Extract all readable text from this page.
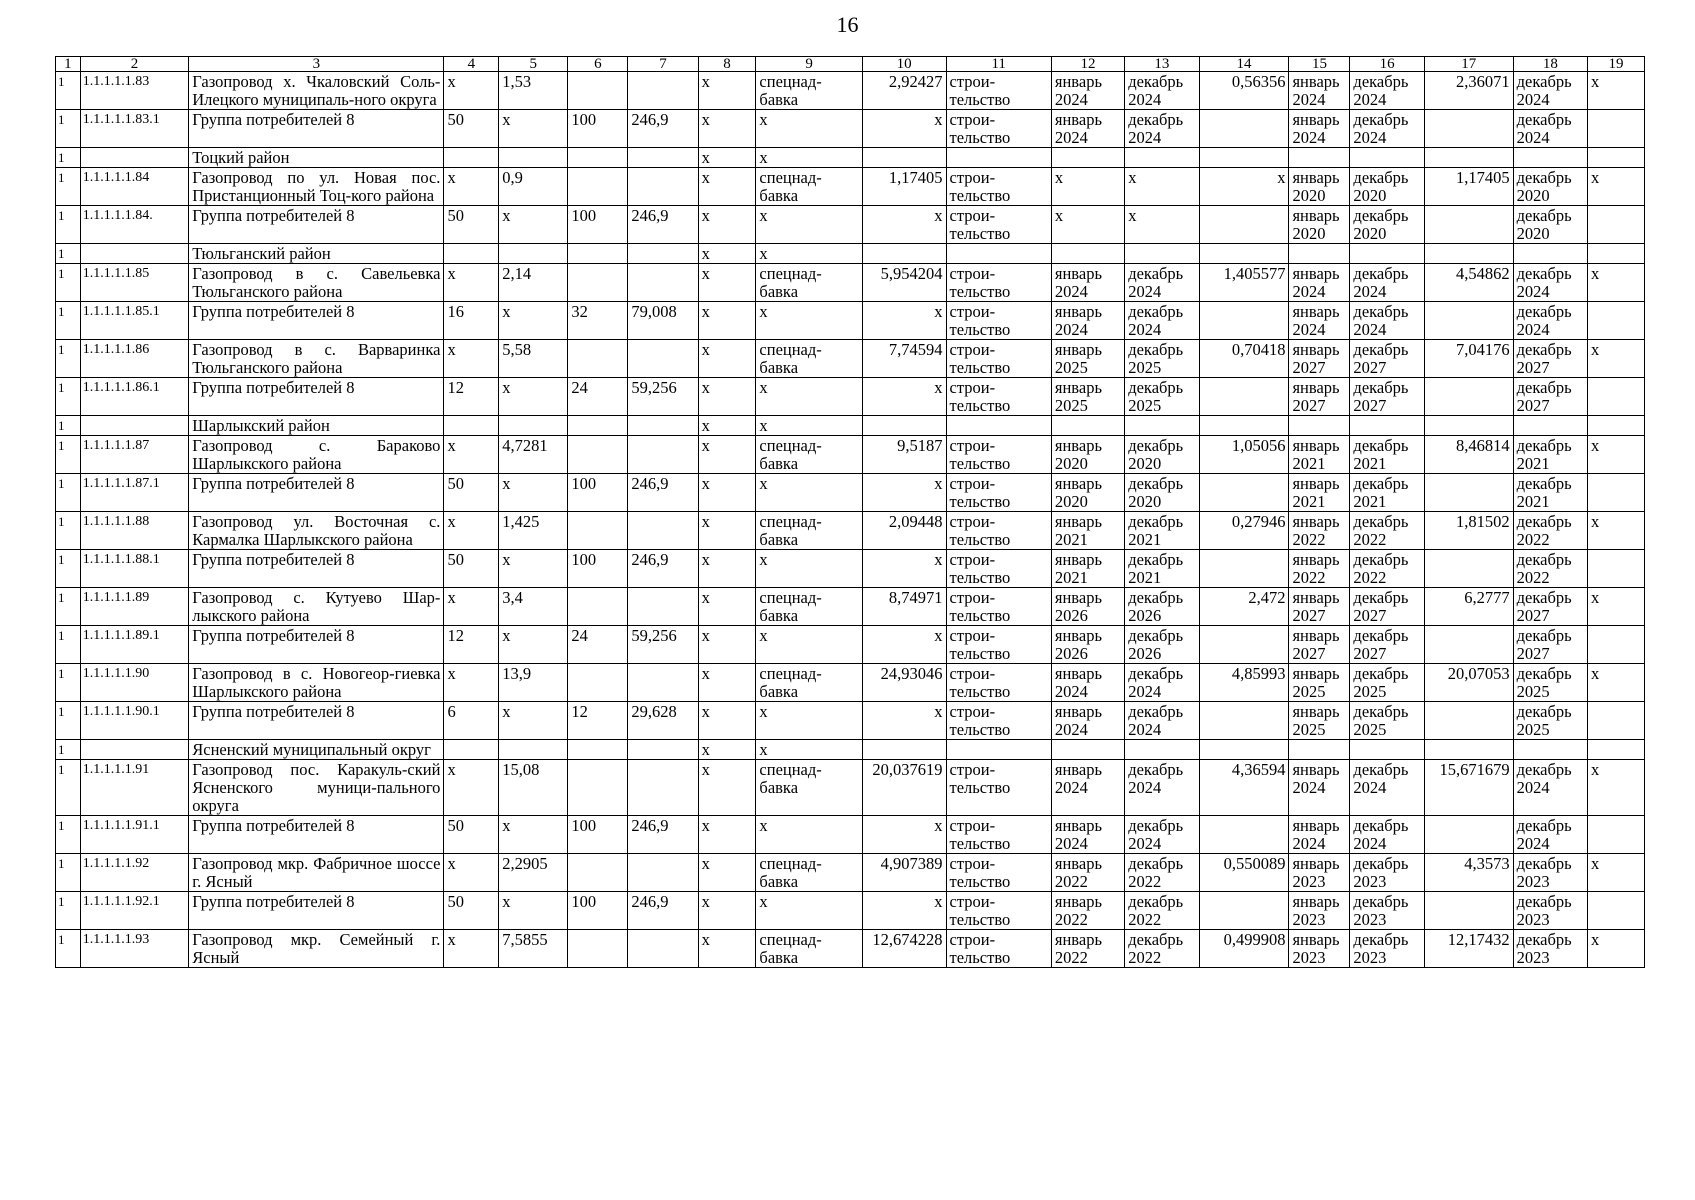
16
1	2	3	4	5	6	7	8	9	10	11	12	13	14	15	16	17	18	19
1	1.1.1.1.1.83	Газопровод х. Чкаловский Соль-Илецкого муниципаль-ного округа	x	1,53			x	спецнад-бавка	2,92427	строи-тельство	январь 2024	декабрь 2024	0,56356	январь 2024	декабрь 2024	2,36071	декабрь 2024	x
1	1.1.1.1.1.83.1	Группа потребителей 8	50	x	100	246,9	x	x	x	строи-тельство	январь 2024	декабрь 2024		январь 2024	декабрь 2024		декабрь 2024	
1		Тоцкий район					x	x										
1	1.1.1.1.1.84	Газопровод по ул. Новая пос. Пристанционный Тоц-кого района	x	0,9			x	спецнад-бавка	1,17405	строи-тельство	x	x	x	январь 2020	декабрь 2020	1,17405	декабрь 2020	x
1	1.1.1.1.1.84.	Группа потребителей 8	50	x	100	246,9	x	x	x	строи-тельство	x	x		январь 2020	декабрь 2020		декабрь 2020	
1		Тюльганский район					x	x										
1	1.1.1.1.1.85	Газопровод в с. Савельевка Тюльганского района	x	2,14			x	спецнад-бавка	5,954204	строи-тельство	январь 2024	декабрь 2024	1,405577	январь 2024	декабрь 2024	4,54862	декабрь 2024	x
1	1.1.1.1.1.85.1	Группа потребителей 8	16	x	32	79,008	x	x	x	строи-тельство	январь 2024	декабрь 2024		январь 2024	декабрь 2024		декабрь 2024	
1	1.1.1.1.1.86	Газопровод в с. Варваринка Тюльганского района	x	5,58			x	спецнад-бавка	7,74594	строи-тельство	январь 2025	декабрь 2025	0,70418	январь 2027	декабрь 2027	7,04176	декабрь 2027	x
1	1.1.1.1.1.86.1	Группа потребителей 8	12	x	24	59,256	x	x	x	строи-тельство	январь 2025	декабрь 2025		январь 2027	декабрь 2027		декабрь 2027	
1		Шарлыкский район					x	x										
1	1.1.1.1.1.87	Газопровод с. Бараково Шарлыкского района	x	4,7281			x	спецнад-бавка	9,5187	строи-тельство	январь 2020	декабрь 2020	1,05056	январь 2021	декабрь 2021	8,46814	декабрь 2021	x
1	1.1.1.1.1.87.1	Группа потребителей 8	50	x	100	246,9	x	x	x	строи-тельство	январь 2020	декабрь 2020		январь 2021	декабрь 2021		декабрь 2021	
1	1.1.1.1.1.88	Газопровод ул. Восточная с. Кармалка Шарлыкского района	x	1,425			x	спецнад-бавка	2,09448	строи-тельство	январь 2021	декабрь 2021	0,27946	январь 2022	декабрь 2022	1,81502	декабрь 2022	x
1	1.1.1.1.1.88.1	Группа потребителей 8	50	x	100	246,9	x	x	x	строи-тельство	январь 2021	декабрь 2021		январь 2022	декабрь 2022		декабрь 2022	
1	1.1.1.1.1.89	Газопровод с. Кутуево Шар-лыкского района	x	3,4			x	спецнад-бавка	8,74971	строи-тельство	январь 2026	декабрь 2026	2,472	январь 2027	декабрь 2027	6,2777	декабрь 2027	x
1	1.1.1.1.1.89.1	Группа потребителей 8	12	x	24	59,256	x	x	x	строи-тельство	январь 2026	декабрь 2026		январь 2027	декабрь 2027		декабрь 2027	
1	1.1.1.1.1.90	Газопровод в с. Новогеор-гиевка Шарлыкского района	x	13,9			x	спецнад-бавка	24,93046	строи-тельство	январь 2024	декабрь 2024	4,85993	январь 2025	декабрь 2025	20,07053	декабрь 2025	x
1	1.1.1.1.1.90.1	Группа потребителей 8	6	x	12	29,628	x	x	x	строи-тельство	январь 2024	декабрь 2024		январь 2025	декабрь 2025		декабрь 2025	
1		Ясненский муниципальный округ					x	x										
1	1.1.1.1.1.91	Газопровод пос. Каракуль-ский Ясненского муници-пального округа	x	15,08			x	спецнад-бавка	20,037619	строи-тельство	январь 2024	декабрь 2024	4,36594	январь 2024	декабрь 2024	15,671679	декабрь 2024	x
1	1.1.1.1.1.91.1	Группа потребителей 8	50	x	100	246,9	x	x	x	строи-тельство	январь 2024	декабрь 2024		январь 2024	декабрь 2024		декабрь 2024	
1	1.1.1.1.1.92	Газопровод мкр. Фабричное шоссе г. Ясный	x	2,2905			x	спецнад-бавка	4,907389	строи-тельство	январь 2022	декабрь 2022	0,550089	январь 2023	декабрь 2023	4,3573	декабрь 2023	x
1	1.1.1.1.1.92.1	Группа потребителей 8	50	x	100	246,9	x	x	x	строи-тельство	январь 2022	декабрь 2022		январь 2023	декабрь 2023		декабрь 2023	
1	1.1.1.1.1.93	Газопровод мкр. Семейный г. Ясный	x	7,5855			x	спецнад-бавка	12,674228	строи-тельство	январь 2022	декабрь 2022	0,499908	январь 2023	декабрь 2023	12,17432	декабрь 2023	x
